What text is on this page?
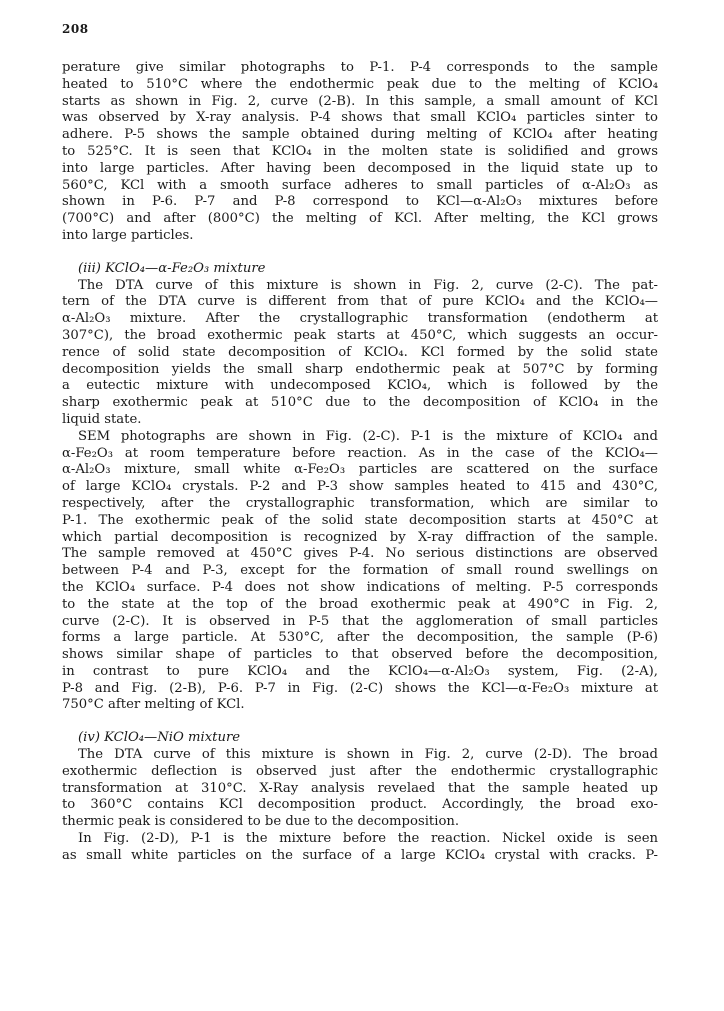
208
perature give similar photographs to P-1. P-4 corresponds to the sample
heated to 510°C where the endothermic peak due to the melting of KClO₄
starts as shown in Fig. 2, curve (2-B). In this sample, a small amount of KCl
was observed by X-ray analysis. P-4 shows that small KClO₄ particles sinter to
adhere. P-5 shows the sample obtained during melting of KClO₄ after heating
to 525°C. It is seen that KClO₄ in the molten state is solidified and grows
into large particles. After having been decomposed in the liquid state up to
560°C, KCl with a smooth surface adheres to small particles of α-Al₂O₃ as
shown in P-6. P-7 and P-8 correspond to KCl—α-Al₂O₃ mixtures before
(700°C) and after (800°C) the melting of KCl. After melting, the KCl grows
into large particles.
(iii) KClO₄—α-Fe₂O₃ mixture
The DTA curve of this mixture is shown in Fig. 2, curve (2-C). The pat-
tern of the DTA curve is different from that of pure KClO₄ and the KClO₄—
α-Al₂O₃ mixture. After the crystallographic transformation (endotherm at
307°C), the broad exothermic peak starts at 450°C, which suggests an occur-
rence of solid state decomposition of KClO₄. KCl formed by the solid state
decomposition yields the small sharp endothermic peak at 507°C by forming
a eutectic mixture with undecomposed KClO₄, which is followed by the
sharp exothermic peak at 510°C due to the decomposition of KClO₄ in the
liquid state.
SEM photographs are shown in Fig. (2-C). P-1 is the mixture of KClO₄ and
α-Fe₂O₃ at room temperature before reaction. As in the case of the KClO₄—
α-Al₂O₃ mixture, small white α-Fe₂O₃ particles are scattered on the surface
of large KClO₄ crystals. P-2 and P-3 show samples heated to 415 and 430°C,
respectively, after the crystallographic transformation, which are similar to
P-1. The exothermic peak of the solid state decomposition starts at 450°C at
which partial decomposition is recognized by X-ray diffraction of the sample.
The sample removed at 450°C gives P-4. No serious distinctions are observed
between P-4 and P-3, except for the formation of small round swellings on
the KClO₄ surface. P-4 does not show indications of melting. P-5 corresponds
to the state at the top of the broad exothermic peak at 490°C in Fig. 2,
curve (2-C). It is observed in P-5 that the agglomeration of small particles
forms a large particle. At 530°C, after the decomposition, the sample (P-6)
shows similar shape of particles to that observed before the decomposition,
in contrast to pure KClO₄ and the KClO₄—α-Al₂O₃ system, Fig. (2-A),
P-8 and Fig. (2-B), P-6. P-7 in Fig. (2-C) shows the KCl—α-Fe₂O₃ mixture at
750°C after melting of KCl.
(iv) KClO₄—NiO mixture
The DTA curve of this mixture is shown in Fig. 2, curve (2-D). The broad
exothermic deflection is observed just after the endothermic crystallographic
transformation at 310°C. X-Ray analysis revelaed that the sample heated up
to 360°C contains KCl decomposition product. Accordingly, the broad exo-
thermic peak is considered to be due to the decomposition.
In Fig. (2-D), P-1 is the mixture before the reaction. Nickel oxide is seen
as small white particles on the surface of a large KClO₄ crystal with cracks. P-
